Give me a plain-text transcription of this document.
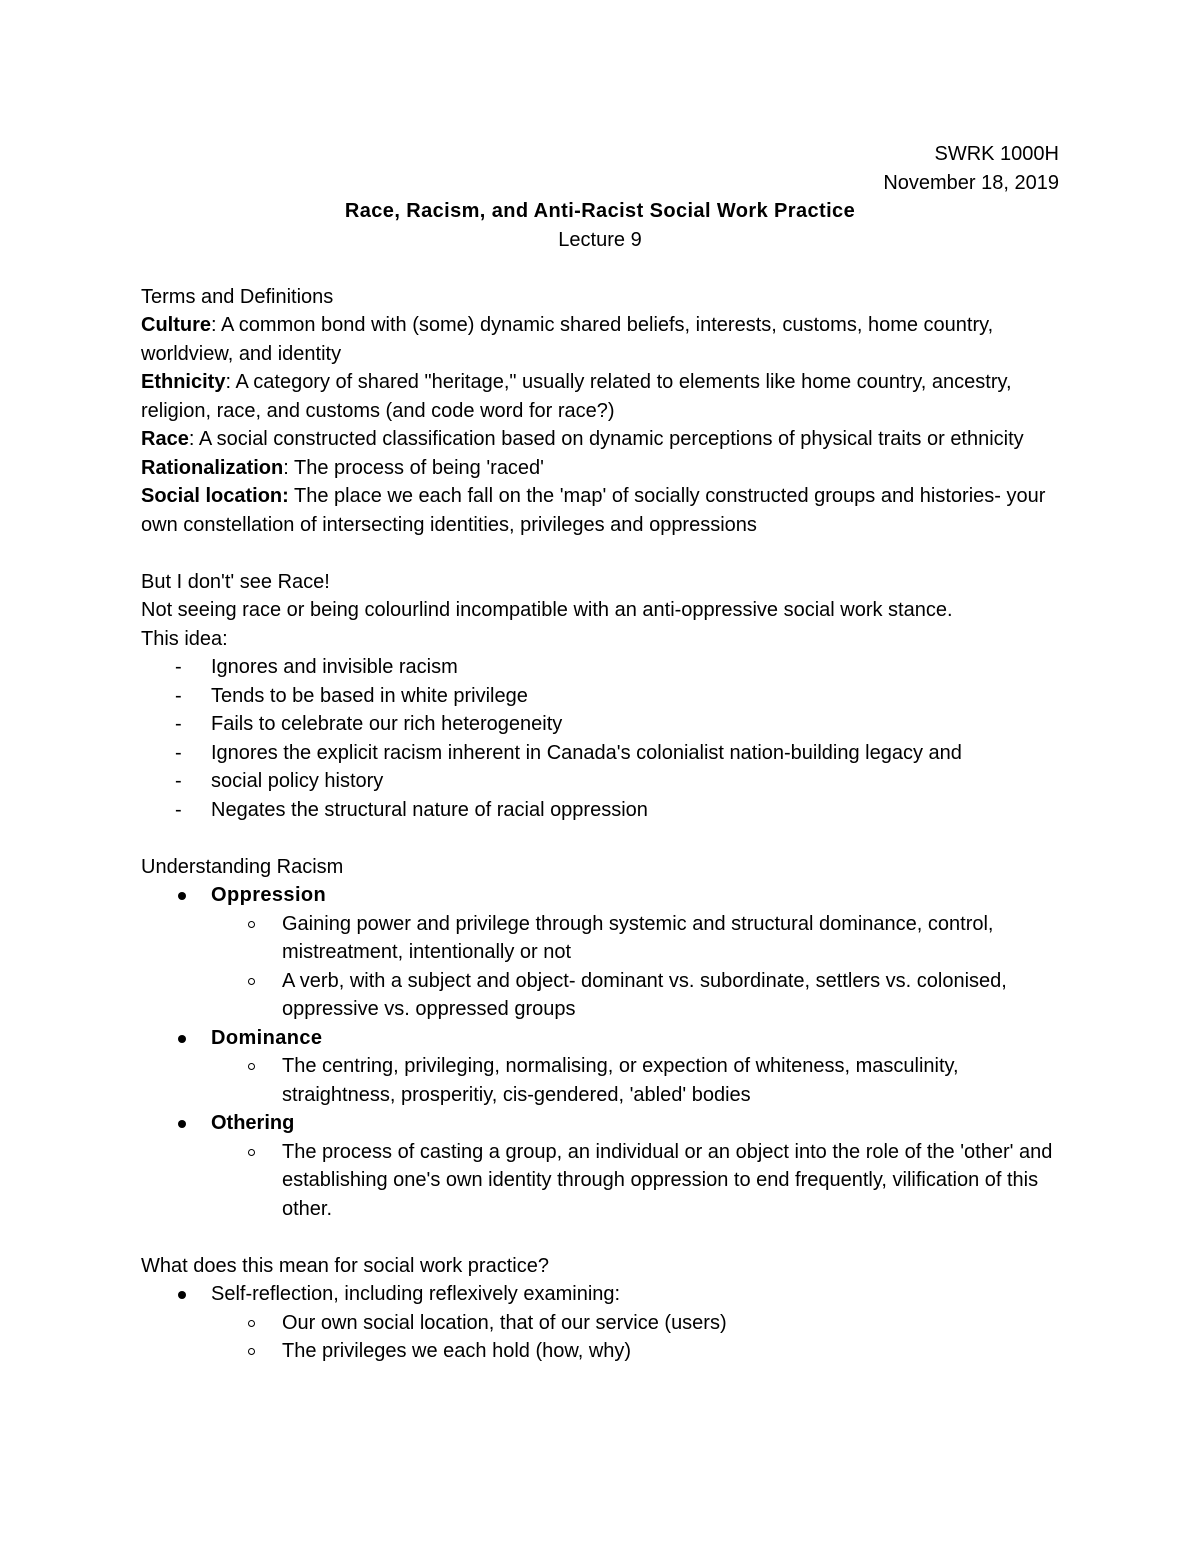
SWRK 1000H

November 18, 2019

Race, Racism, and Anti-Racist Social Work Practice

Lecture 9

Terms and Definitions

Culture: A common bond with (some) dynamic shared beliefs, interests, customs, home country, worldview, and identity

Ethnicity: A category of shared "heritage," usually related to elements like home country, ancestry, religion, race, and customs (and code word for race?)

Race: A social constructed classification based on dynamic perceptions of physical traits or ethnicity

Rationalization: The process of being 'raced'

Social location: The place we each fall on the 'map' of socially constructed groups and histories- your own constellation of intersecting identities, privileges and oppressions

But I don't' see Race!

Not seeing race or being colourlind incompatible with an anti-oppressive social work stance.

This idea:

- Ignores and invisible racism
- Tends to be based in white privilege
- Fails to celebrate our rich heterogeneity
- Ignores the explicit racism inherent in Canada's colonialist nation-building legacy and
- social policy history
- Negates the structural nature of racial oppression

Understanding Racism

Oppression
Gaining power and privilege through systemic and structural dominance, control, mistreatment, intentionally or not
A verb, with a subject and object- dominant vs. subordinate, settlers vs. colonised, oppressive vs. oppressed groups
Dominance
The centring, privileging, normalising, or expection of whiteness, masculinity, straightness, prosperitiy, cis-gendered, 'abled' bodies
Othering
The process of casting a group, an individual or an object into the role of the 'other' and establishing one's own identity through oppression to end frequently, vilification of this other.

What does this mean for social work practice?

Self-reflection, including reflexively examining:
Our own social location, that of our service (users)
The privileges we each hold (how, why)
